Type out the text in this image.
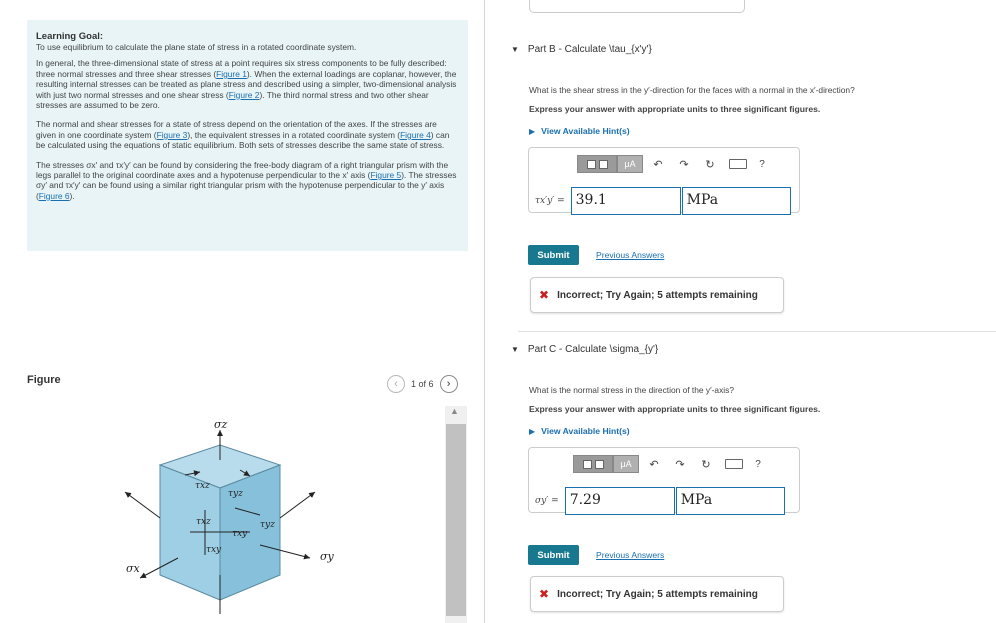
Learning Goal:

To use equilibrium to calculate the plane state of stress in a rotated coordinate system.

In general, the three-dimensional state of stress at a point requires six stress components to be fully described: three normal stresses and three shear stresses (Figure 1). When the external loadings are coplanar, however, the resulting internal stresses can be treated as plane stress and described using a simpler, two-dimensional analysis with just two normal stresses and one shear stress (Figure 2). The third normal stress and two other shear stresses are assumed to be zero.

The normal and shear stresses for a state of stress depend on the orientation of the axes. If the stresses are given in one coordinate system (Figure 3), the equivalent stresses in a rotated coordinate system (Figure 4) can be calculated using the equations of static equilibrium. Both sets of stresses describe the same state of stress.

The stresses σx′ and τx′y′ can be found by considering the free-body diagram of a right triangular prism with the legs parallel to the original coordinate axes and a hypotenuse perpendicular to the x′ axis (Figure 5). The stresses σy′ and τx′y′ can be found using a similar right triangular prism with the hypotenuse perpendicular to the y′ axis (Figure 6).

Figure	‹	1 of 6	›
σz
σx
σy
τxz
τyz
τxz	τyz
τxy
τxy
▲
▼ Part B - Calculate \tau_{x'y'}
What is the shear stress in the y′-direction for the faces with a normal in the x′-direction?
Express your answer with appropriate units to three significant figures.
▶ View Available Hint(s)
μA	↶	↷	↻	?
τx′y′ = 39.1	MPa
Submit	Previous Answers
✖ Incorrect; Try Again; 5 attempts remaining
▼ Part C - Calculate \sigma_{y'}
What is the normal stress in the direction of the y′-axis?
Express your answer with appropriate units to three significant figures.
▶ View Available Hint(s)
μA	↶	↷	↻	?
σy′ = 7.29	MPa
Submit	Previous Answers
✖ Incorrect; Try Again; 5 attempts remaining
